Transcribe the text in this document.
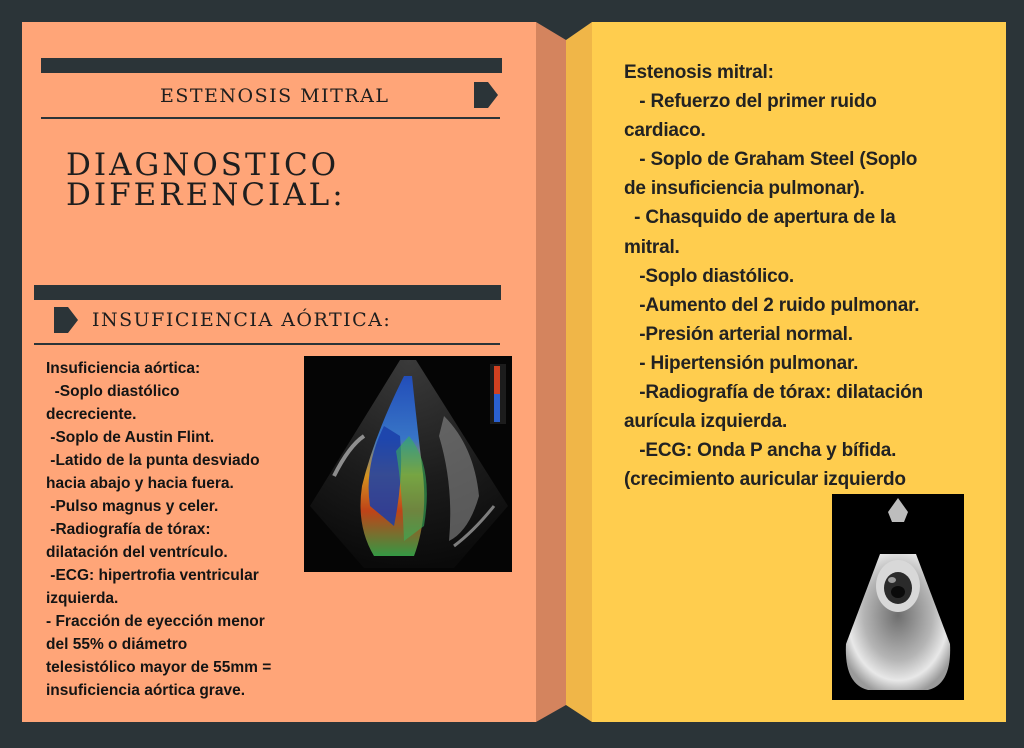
ESTENOSIS MITRAL
DIAGNOSTICO
DIFERENCIAL:
INSUFICIENCIA AÓRTICA:
Insuficiencia aórtica:
-Soplo diastólico
decreciente.
-Soplo de Austin Flint.
-Latido de la punta desviado
hacia abajo y hacia fuera.
-Pulso magnus y celer.
-Radiografía de tórax:
dilatación del ventrículo.
-ECG: hipertrofia ventricular
izquierda.
- Fracción de eyección menor
del 55% o diámetro
telesistólico mayor de 55mm =
insuficiencia aórtica grave.
Estenosis mitral:
- Refuerzo del primer ruido
cardiaco.
- Soplo de Graham Steel (Soplo
de insuficiencia pulmonar).
- Chasquido de apertura de la
mitral.
-Soplo diastólico.
-Aumento del 2 ruido pulmonar.
-Presión arterial normal.
- Hipertensión pulmonar.
-Radiografía de tórax: dilatación
aurícula izquierda.
-ECG: Onda P ancha y bífida.
(crecimiento auricular izquierdo
